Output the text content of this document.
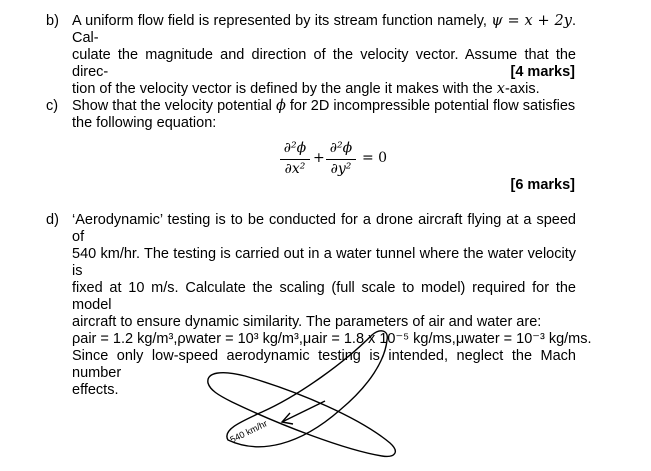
b) A uniform flow field is represented by its stream function namely, ψ = x + 2y. Cal-
culate the magnitude and direction of the velocity vector. Assume that the direc-
tion of the velocity vector is defined by the angle it makes with the x-axis.
[4 marks]
c) Show that the velocity potential ϕ for 2D incompressible potential flow satisfies
the following equation:
∂²ϕ
∂x²
+
∂²ϕ
∂y²
= 0
[6 marks]
d) ‘Aerodynamic’ testing is to be conducted for a drone aircraft flying at a speed of
540 km/hr. The testing is carried out in a water tunnel where the water velocity is
fixed at 10 m/s. Calculate the scaling (full scale to model) required for the model
aircraft to ensure dynamic similarity. The parameters of air and water are:

ρair = 1.2 kg/m³, ρwater = 10³ kg/m³, μair = 1.8 x 10⁻⁵ kg/ms, μwater = 10⁻³ kg/ms.
Since only low-speed aerodynamic testing is intended, neglect the Mach number
effects.
540 km/hr
